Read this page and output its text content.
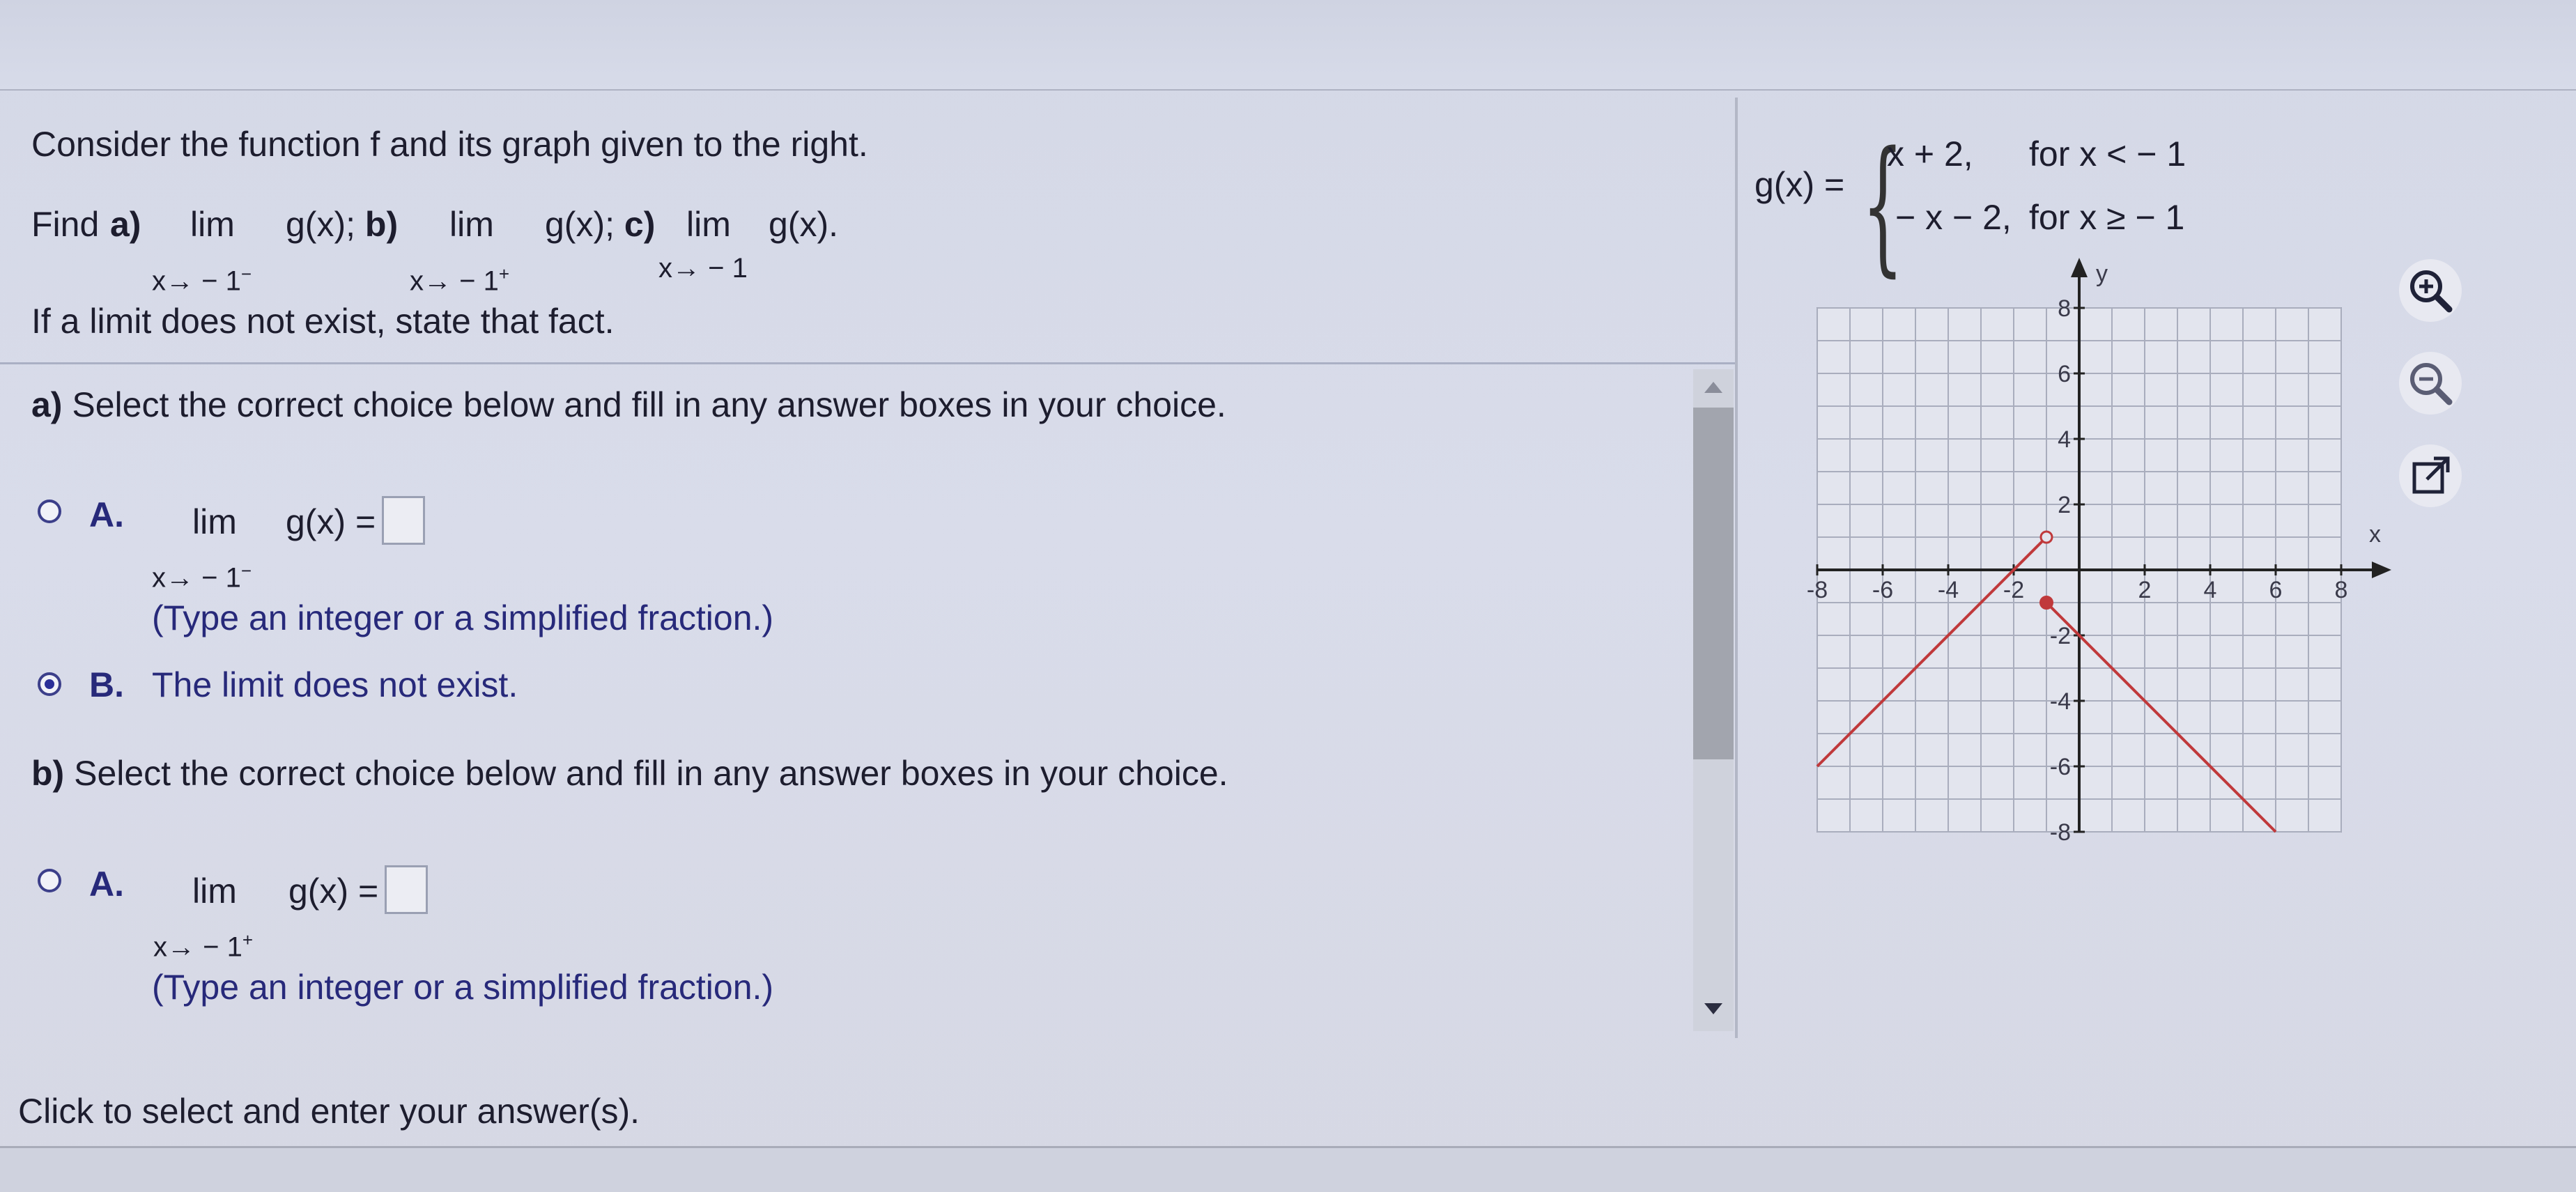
Consider the function f and its graph given to the right.
Find a) lim g(x); b)
x→ − 1−
lim g(x); c)
x→ − 1+
lim g(x).
x→ − 1
If a limit does not exist, state that fact.
a) Select the correct choice below and fill in any answer boxes in your choice.
A. lim g(x) =
x→ − 1−
(Type an integer or a simplified fraction.)
B. The limit does not exist.
b) Select the correct choice below and fill in any answer boxes in your choice.
A. lim g(x) =
x→ − 1+
(Type an integer or a simplified fraction.)
g(x) = {
x + 2, for x < − 1
− x − 2, for x ≥ − 1
x
y
-8 -6 -4 -2	2 4 6 8
8
6
4
2
-2
-4
-6
-8
Click to select and enter your answer(s).
